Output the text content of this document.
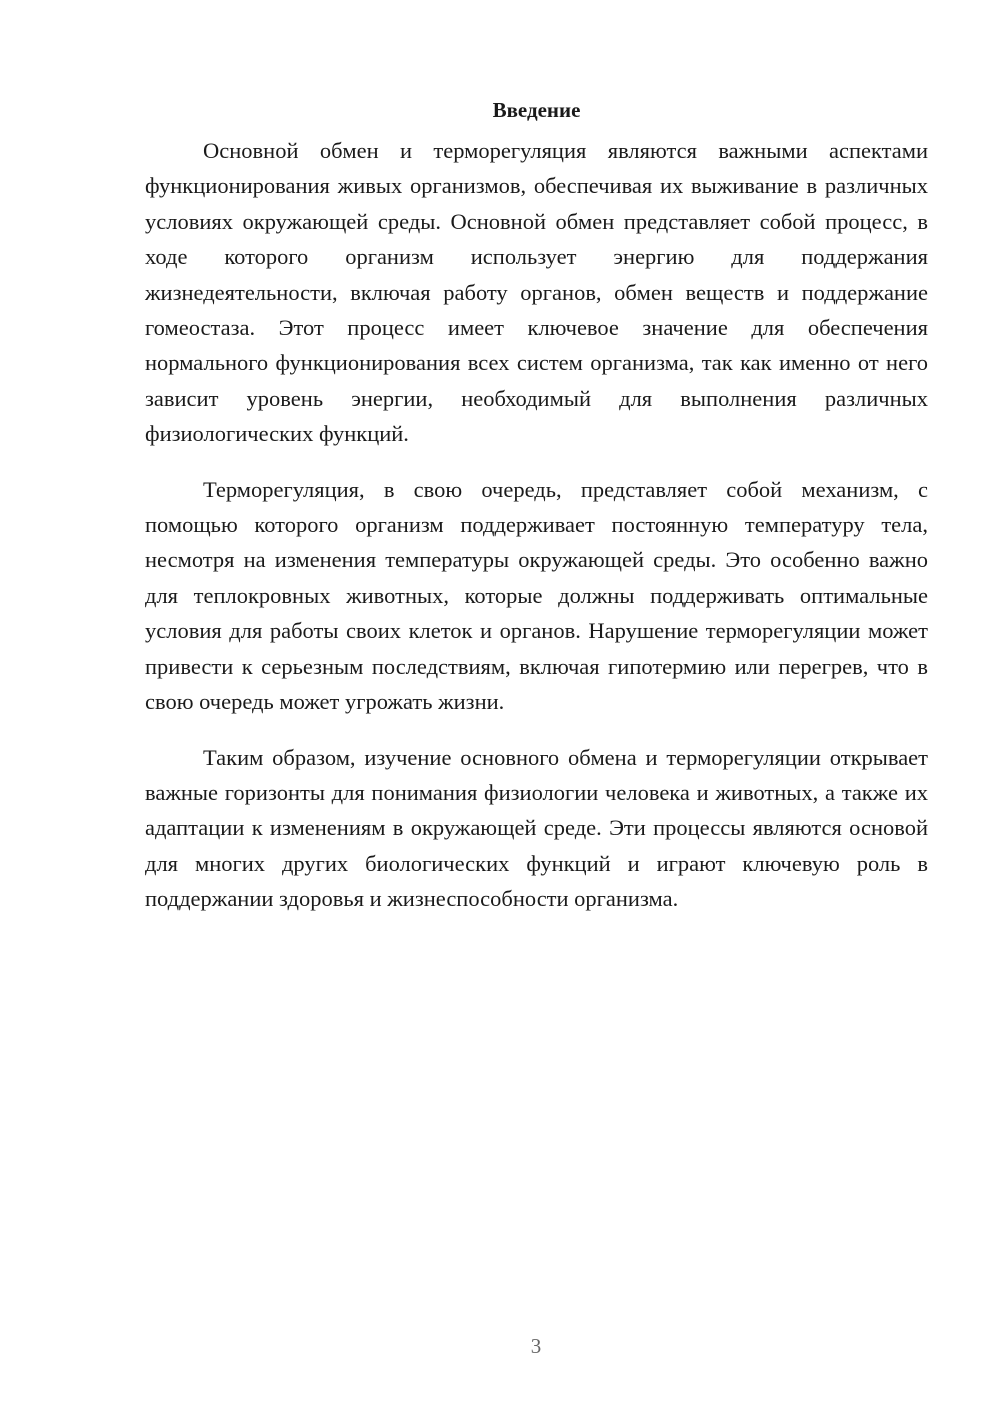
Введение

Основной обмен и терморегуляция являются важными аспектами функционирования живых организмов, обеспечивая их выживание в различных условиях окружающей среды. Основной обмен представляет собой процесс, в ходе которого организм использует энергию для поддержания жизнедеятельности, включая работу органов, обмен веществ и поддержание гомеостаза. Этот процесс имеет ключевое значение для обеспечения нормального функционирования всех систем организма, так как именно от него зависит уровень энергии, необходимый для выполнения различных физиологических функций.

Терморегуляция, в свою очередь, представляет собой механизм, с помощью которого организм поддерживает постоянную температуру тела, несмотря на изменения температуры окружающей среды. Это особенно важно для теплокровных животных, которые должны поддерживать оптимальные условия для работы своих клеток и органов. Нарушение терморегуляции может привести к серьезным последствиям, включая гипотермию или перегрев, что в свою очередь может угрожать жизни.

Таким образом, изучение основного обмена и терморегуляции открывает важные горизонты для понимания физиологии человека и животных, а также их адаптации к изменениям в окружающей среде. Эти процессы являются основой для многих других биологических функций и играют ключевую роль в поддержании здоровья и жизнеспособности организма.

3
